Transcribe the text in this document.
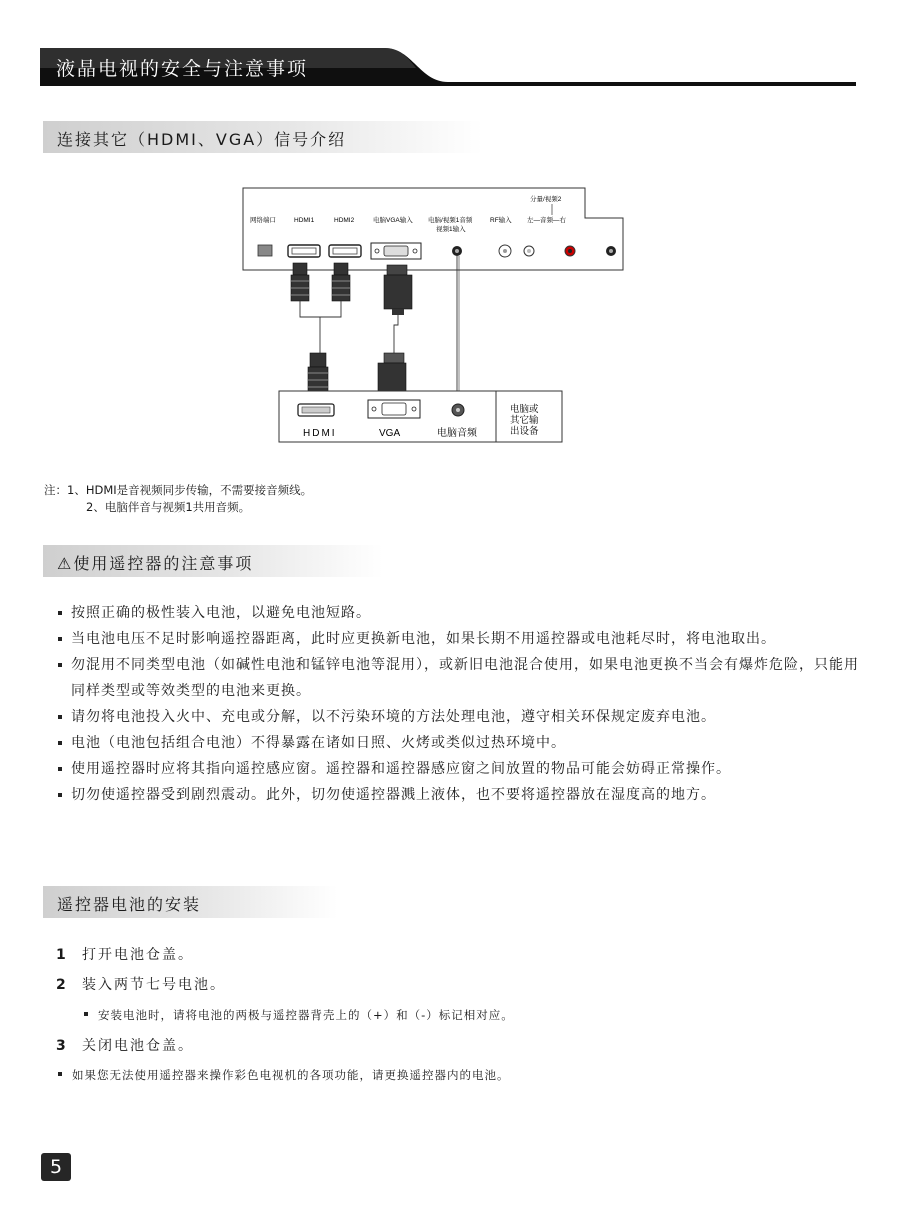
液晶电视的安全与注意事项
连接其它（HDMI、VGA）信号介绍
网络端口	HDMI1	HDMI2	电脑VGA输入 电脑/视频1音频
视频1输入
RF输入
分量/视频2
左—音频—右
HDMI	VGA	电脑音频
电脑或
其它输
出设备
注：1、HDMI是音视频同步传输，不需要接音频线。
2、电脑伴音与视频1共用音频。
⚠使用遥控器的注意事项
按照正确的极性装入电池，以避免电池短路。
当电池电压不足时影响遥控器距离，此时应更换新电池，如果长期不用遥控器或电池耗尽时，将电池取出。
勿混用不同类型电池（如碱性电池和锰锌电池等混用），或新旧电池混合使用，如果电池更换不当会有爆炸危险，只能用同样类型或等效类型的电池来更换。
请勿将电池投入火中、充电或分解，以不污染环境的方法处理电池，遵守相关环保规定废弃电池。
电池（电池包括组合电池）不得暴露在诸如日照、火烤或类似过热环境中。
使用遥控器时应将其指向遥控感应窗。遥控器和遥控器感应窗之间放置的物品可能会妨碍正常操作。
切勿使遥控器受到剧烈震动。此外，切勿使遥控器溅上液体，也不要将遥控器放在湿度高的地方。
遥控器电池的安装
1 打开电池仓盖。
2 装入两节七号电池。
安装电池时，请将电池的两极与遥控器背壳上的（+）和（-）标记相对应。
3 关闭电池仓盖。
如果您无法使用遥控器来操作彩色电视机的各项功能，请更换遥控器内的电池。
5
